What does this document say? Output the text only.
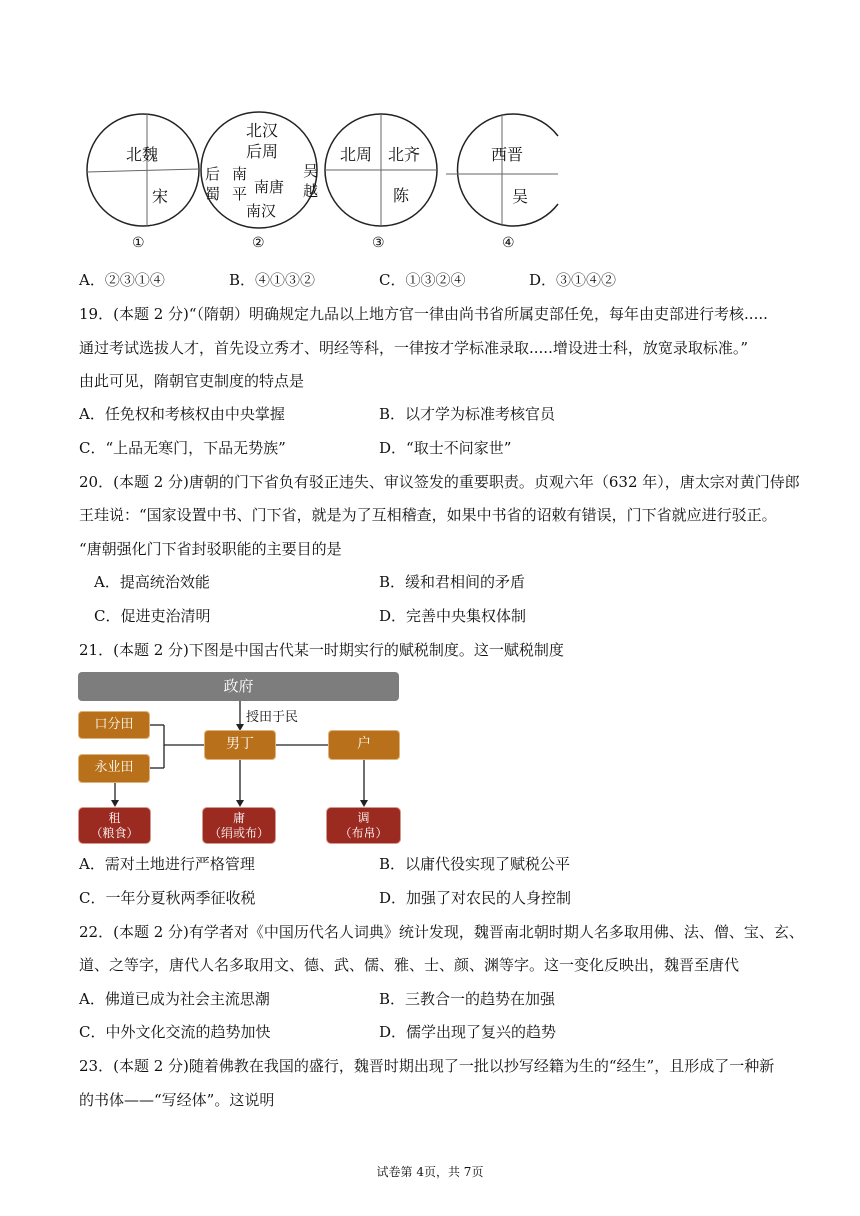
北魏
宋
①
北汉
后周
后
蜀
南
平 南唐
南汉
吴
越
②
北周 北齐
陈
③
西晋
吴
④
A．②③①④	B．④①③②	C．①③②④	D．③①④②
19．(本题 2 分)“（隋朝）明确规定九品以上地方官一律由尚书省所属吏部任免，每年由吏部进行考核.....
通过考试选拔人才，首先设立秀才、明经等科，一律按才学标准录取.....增设进士科，放宽录取标准。”
由此可见，隋朝官吏制度的特点是
A．任免权和考核权由中央掌握	B．以才学为标准考核官员
C．“上品无寒门，下品无势族”	D．“取士不问家世”
20．(本题 2 分)唐朝的门下省负有驳正违失、审议签发的重要职责。贞观六年（632 年），唐太宗对黄门侍郎
王珪说：“国家设置中书、门下省，就是为了互相稽查，如果中书省的诏敕有错误，门下省就应进行驳正。
“唐朝强化门下省封驳职能的主要目的是
A．提高统治效能	B．缓和君相间的矛盾
C．促进吏治清明	D．完善中央集权体制
21．(本题 2 分)下图是中国古代某一时期实行的赋税制度。这一赋税制度
政府
授田于民
口分田
永业田
男丁	户
租
（粮食）
庸
（绢或布）
调
（布帛）
A．需对土地进行严格管理	B．以庸代役实现了赋税公平
C．一年分夏秋两季征收税	D．加强了对农民的人身控制
22．(本题 2 分)有学者对《中国历代名人词典》统计发现，魏晋南北朝时期人名多取用佛、法、僧、宝、玄、
道、之等字，唐代人名多取用文、德、武、儒、雅、士、颜、渊等字。这一变化反映出，魏晋至唐代
A．佛道已成为社会主流思潮	B．三教合一的趋势在加强
C．中外文化交流的趋势加快	D．儒学出现了复兴的趋势
23．(本题 2 分)随着佛教在我国的盛行，魏晋时期出现了一批以抄写经籍为生的“经生”，且形成了一种新
的书体——“写经体”。这说明
试卷第 4页，共 7页
